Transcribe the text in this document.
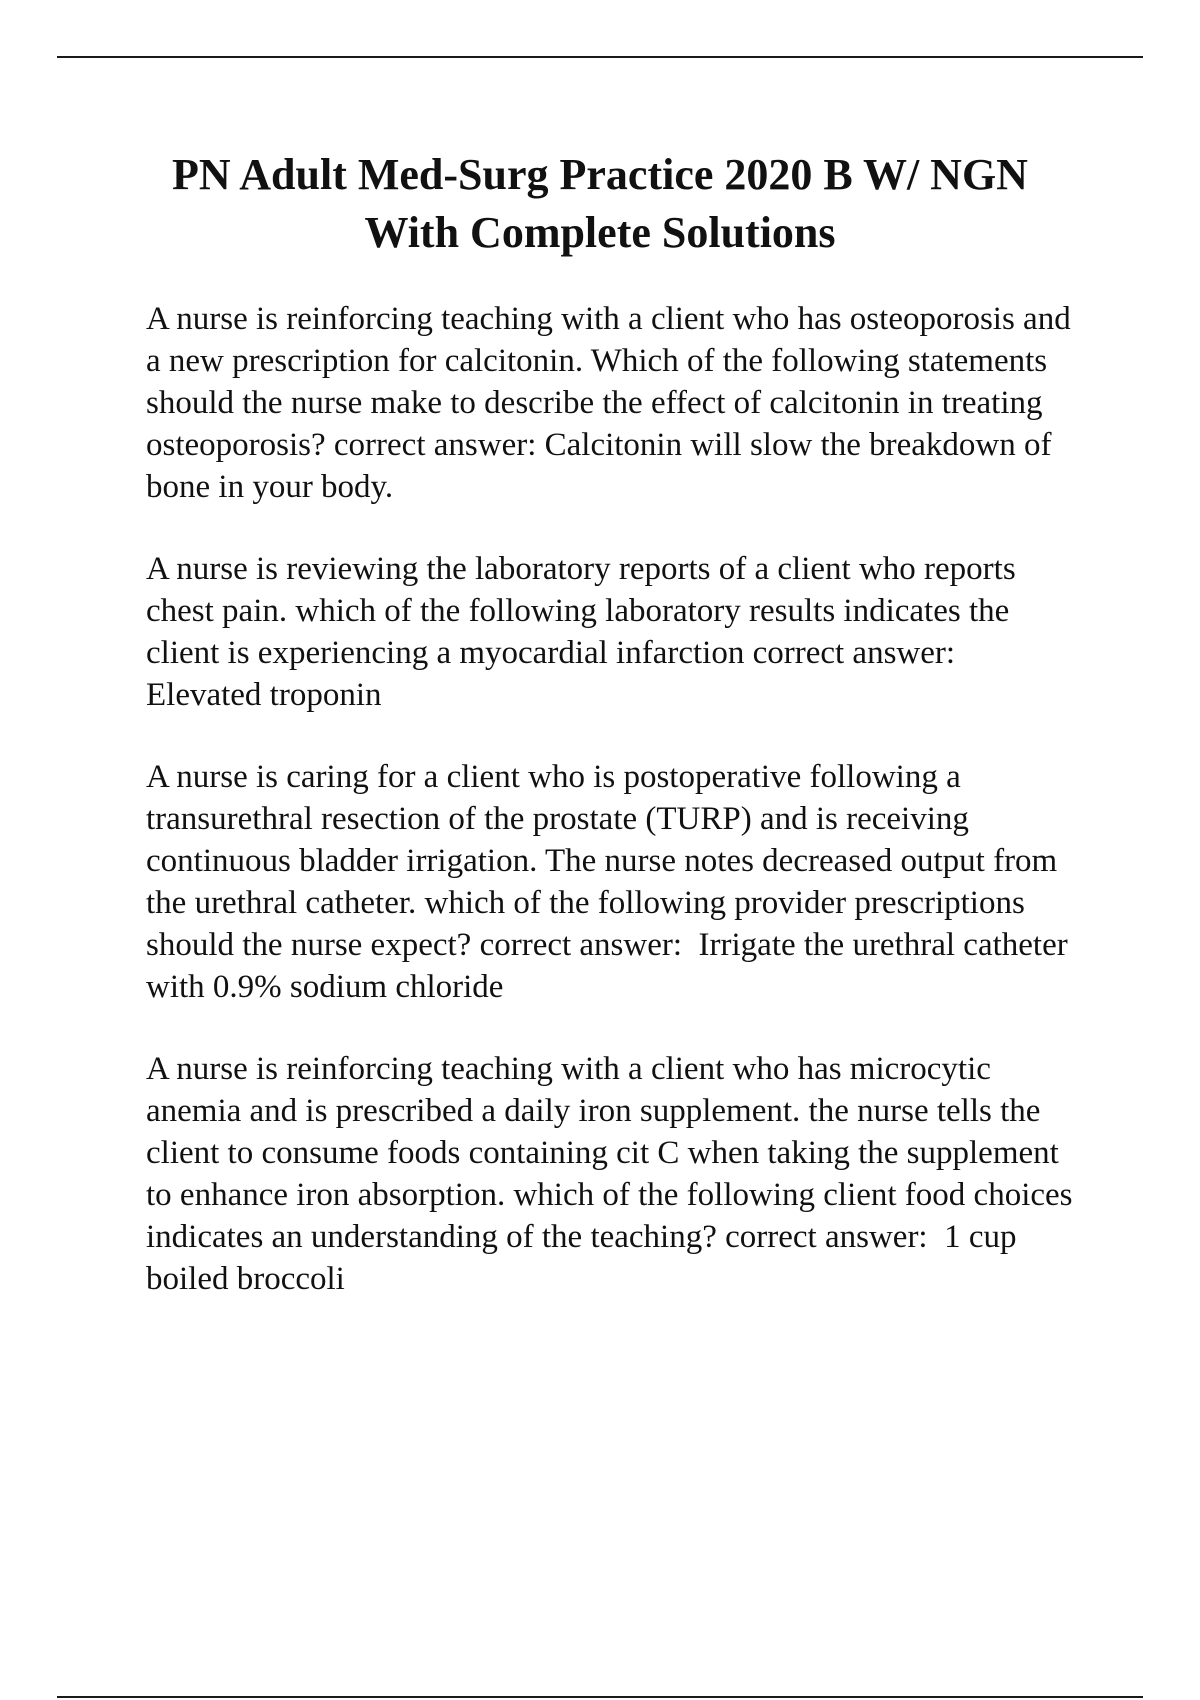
PN Adult Med-Surg Practice 2020 B W/ NGN With Complete Solutions

A nurse is reinforcing teaching with a client who has osteoporosis and a new prescription for calcitonin. Which of the following statements should the nurse make to describe the effect of calcitonin in treating osteoporosis? correct answer: Calcitonin will slow the breakdown of bone in your body.

A nurse is reviewing the laboratory reports of a client who reports chest pain. which of the following laboratory results indicates the client is experiencing a myocardial infarction correct answer:  Elevated troponin

A nurse is caring for a client who is postoperative following a transurethral resection of the prostate (TURP) and is receiving continuous bladder irrigation. The nurse notes decreased output from the urethral catheter. which of the following provider prescriptions should the nurse expect? correct answer: Irrigate the urethral catheter with 0.9% sodium chloride

A nurse is reinforcing teaching with a client who has microcytic anemia and is prescribed a daily iron supplement. the nurse tells the client to consume foods containing cit C when taking the supplement to enhance iron absorption. which of the following client food choices indicates an understanding of the teaching? correct answer: 1 cup boiled broccoli
